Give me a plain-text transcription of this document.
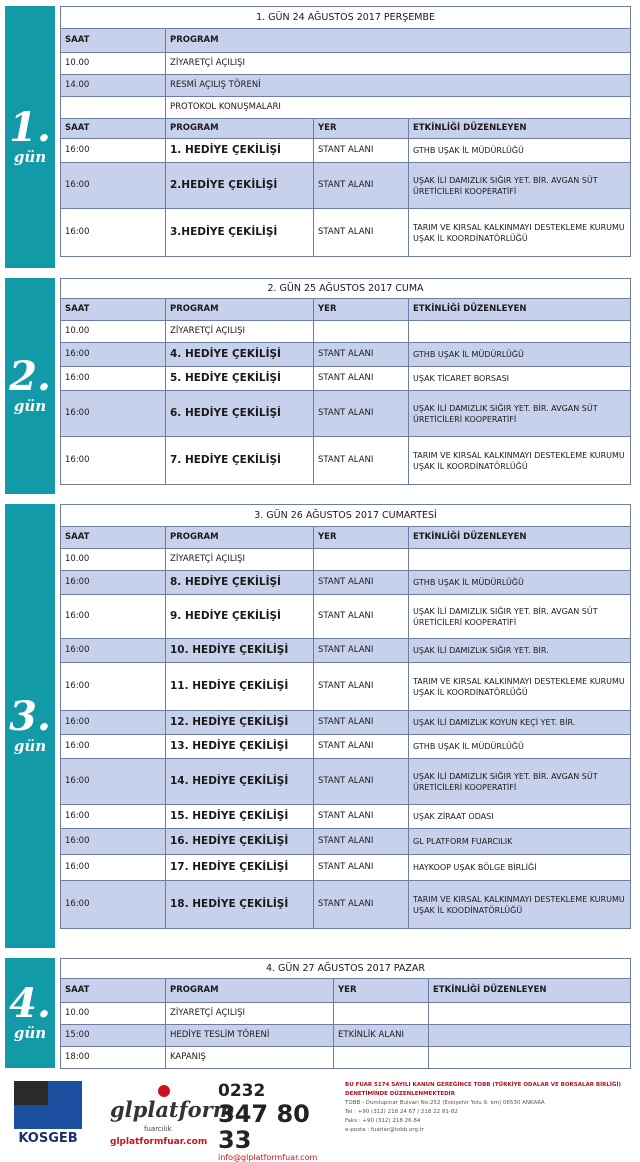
1.
gün
1. GÜN 24 AĞUSTOS 2017 PERŞEMBE			
SAAT	PROGRAM		
10.00	ZİYARETÇİ AÇILIŞI		
14.00	RESMİ AÇILIŞ TÖRENİ		
	PROTOKOL KONUŞMALARI		
SAAT	PROGRAM	YER	ETKİNLİĞİ DÜZENLEYEN
16:00	1. HEDİYE ÇEKİLİŞİ	STANT ALANI	GTHB UŞAK İL MÜDÜRLÜĞÜ
16:00	2.HEDİYE ÇEKİLİŞİ	STANT ALANI	UŞAK İLİ DAMIZLIK SIĞIR YET. BİR. AVGAN SÜT ÜRETİCİLERİ KOOPERATİFİ
16:00	3.HEDİYE ÇEKİLİŞİ	STANT ALANI	TARIM VE KIRSAL KALKINMAYI DESTEKLEME KURUMU UŞAK İL KOORDİNATÖRLÜĞÜ
2.
gün
2. GÜN 25 AĞUSTOS 2017 CUMA			
SAAT	PROGRAM	YER	ETKİNLİĞİ DÜZENLEYEN
10.00	ZİYARETÇİ AÇILIŞI		
16:00	4. HEDİYE ÇEKİLİŞİ	STANT ALANI	GTHB UŞAK İL MÜDÜRLÜĞÜ
16:00	5. HEDİYE ÇEKİLİŞİ	STANT ALANI	UŞAK TİCARET BORSASI
16:00	6. HEDİYE ÇEKİLİŞİ	STANT ALANI	UŞAK İLİ DAMIZLIK SIĞIR YET. BİR. AVGAN SÜT ÜRETİCİLERİ KOOPERATİFİ
16:00	7. HEDİYE ÇEKİLİŞİ	STANT ALANI	TARIM VE KIRSAL KALKINMAYI DESTEKLEME KURUMU UŞAK İL KOORDİNATÖRLÜĞÜ
3.
gün
3. GÜN 26 AĞUSTOS 2017 CUMARTESİ			
SAAT	PROGRAM	YER	ETKİNLİĞİ DÜZENLEYEN
10.00	ZİYARETÇİ AÇILIŞI		
16:00	8. HEDİYE ÇEKİLİŞİ	STANT ALANI	GTHB UŞAK İL MÜDÜRLÜĞÜ
16:00	9. HEDİYE ÇEKİLİŞİ	STANT ALANI	UŞAK İLİ DAMIZLIK SIĞIR YET. BİR. AVGAN SÜT ÜRETİCİLERİ KOOPERATİFİ
16:00	10. HEDİYE ÇEKİLİŞİ	STANT ALANI	UŞAK İLİ DAMIZLIK SIĞIR YET. BİR.
16:00	11. HEDİYE ÇEKİLİŞİ	STANT ALANI	TARIM VE KIRSAL KALKINMAYI DESTEKLEME KURUMU UŞAK İL KOORDİNATÖRLÜĞÜ
16:00	12. HEDİYE ÇEKİLİŞİ	STANT ALANI	UŞAK İLİ DAMIZLIK KOYUN KEÇİ YET. BİR.
16:00	13. HEDİYE ÇEKİLİŞİ	STANT ALANI	GTHB UŞAK İL MÜDÜRLÜĞÜ
16:00	14. HEDİYE ÇEKİLİŞİ	STANT ALANI	UŞAK İLİ DAMIZLIK SIĞIR YET. BİR. AVGAN SÜT ÜRETİCİLERİ KOOPERATİFİ
16:00	15. HEDİYE ÇEKİLİŞİ	STANT ALANI	UŞAK ZİRAAT ODASI
16:00	16. HEDİYE ÇEKİLİŞİ	STANT ALANI	GL PLATFORM FUARCILIK
16:00	17. HEDİYE ÇEKİLİŞİ	STANT ALANI	HAYKOOP UŞAK BÖLGE BİRLİĞİ
16:00	18. HEDİYE ÇEKİLİŞİ	STANT ALANI	TARIM VE KIRSAL KALKINMAYI DESTEKLEME KURUMU UŞAK İL KOODİNATÖRLÜĞÜ
4.
gün
4. GÜN 27 AĞUSTOS 2017 PAZAR			
SAAT	PROGRAM	YER	ETKİNLİĞİ DÜZENLEYEN
10.00	ZİYARETÇİ AÇILIŞI		
15:00	HEDİYE TESLİM TÖRENİ	ETKİNLİK ALANI	
18:00	KAPANIŞ		
KOSGEB
glplatform
fuarcılık
glplatformfuar.com
0232
347 80 33
info@glplatformfuar.com
BU FUAR 5174 SAYILI KANUN GEREĞİNCE TOBB (TÜRKİYE ODALAR VE BORSALAR BİRLİĞİ) DENETİMİNDE DÜZENLENMEKTEDİR
TOBB - Dumlupınar Bulvarı No:252 (Eskişehir Yolu 9. km) 06530 ANKARA
Tel : +90 (312) 218 24 67 / 218 22 81-82
Faks : +90 (312) 218 26 84
e-posta : fuarlar@tobb.org.tr
